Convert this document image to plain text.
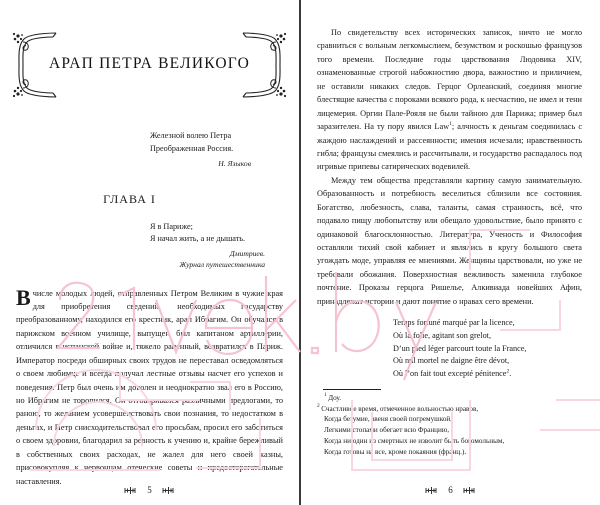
АРАП ПЕТРА ВЕЛИКОГО
Железной волею Петра
Преображенная Россия.
Н. Языков
ГЛАВА I
Я в Париже;
Я начал жить, а не дышать.
Дмитриев.
Журнал путешественника
Вчисле молодых людей, отправленных Петром Великим в чужие края для приобретения сведений, необходимых государству преобразованному, находился его крестник, арап Ибрагим. Он обучался в парижском военном училище, выпущен был капитаном артиллерии, отличился в испанской войне и, тяжело раненный, возвратился в Париж. Император посреди обширных своих трудов не переставал осведомляться о своем любимце и всегда получал лестные отзывы насчет его успехов и поведения. Петр был очень им доволен и неоднократно звал его в Россию, но Ибрагим не торопился. Он отговаривался различными предлогами, то раною, то желанием усовершенствовать свои познания, то недостатком в деньгах, и Петр снисходительствовал его просьбам, просил его заботиться о своем здоровии, благодарил за ревность к учению и, крайне бережливый в собственных своих расходах, не жалел для него своей казны, присовокупляя к червонцам отеческие советы и предостерегательные наставления.
5

По свидетельству всех исторических записок, ничто не могло сравниться с вольным легкомыслием, безумством и роскошью французов того времени. Последние годы царствования Людовика XIV, ознаменованные строгой набожностию двора, важностию и приличием, не оставили никаких следов. Герцог Орлеанский, соединяя многие блестящие качества с пороками всякого рода, к несчастию, не имел и тени лицемерия. Оргии Пале-Рояля не были тайною для Парижа; пример был заразителен. На ту пору явился Law$^1$; алчность к деньгам соединилась с жаждою наслаждений и рассеянности; имения исчезали; нравственность гибла; французы смеялись и рассчитывали, и государство распадалось под игривые припевы сатирических водевилей.

Между тем общества представляли картину самую занимательную. Образованность и потребность веселиться сблизили все состояния. Богатство, любезность, слава, таланты, самая странность, всё, что подавало пищу любопытству или обещало удовольствие, было принято с одинаковой благосклонностью. Литература, Ученость и Философия оставляли тихий свой кабинет и являлись в кругу большого света угождать моде, управляя ее мнениями. Женщины царствовали, но уже не требовали обожания. Поверхностная вежливость заменила глубокое почтение. Проказы герцога Ришелье, Алкивиада новейших Афин, принадлежат истории и дают понятие о нравах сего времени.

Temps fortuné marqué par la licence,
Où la folie, agitant son grelot,
D’un pied léger parcourt toute la France,
Où nul mortel ne daigne être dévot,
Où l’on fait tout excepté pénitence$^2$.
$^1$ Доу.
$^2$ Счастливое время, отмеченное вольностью нравов,
Когда безумие, звеня своей погремушкой,
Легкими стопами обегает всю Францию,
Когда ни один из смертных не изволит быть богомольным,
Когда готовы на все, кроме покаяния (франц.).
6
